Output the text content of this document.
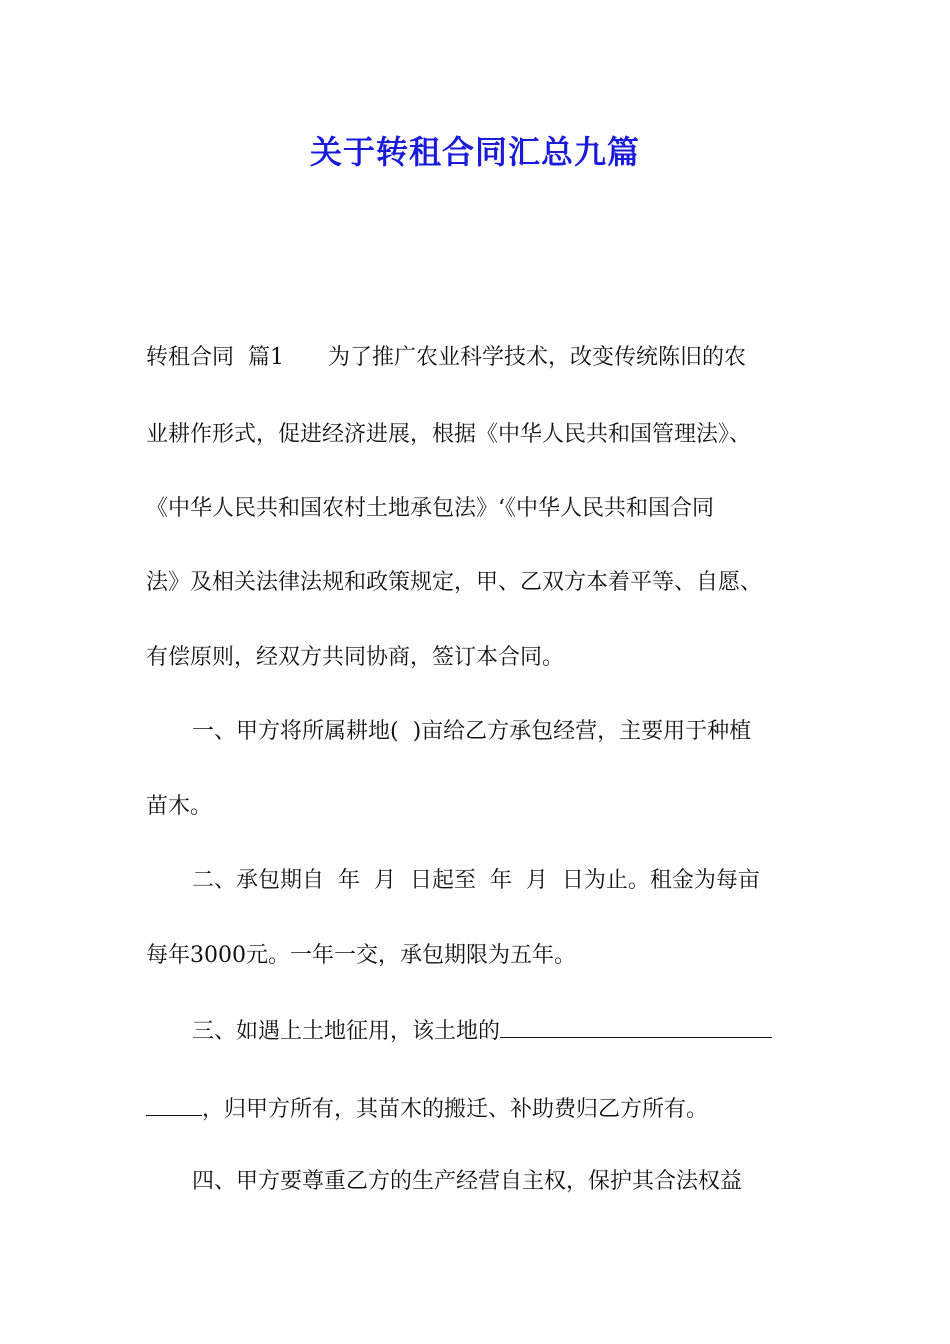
关于转租合同汇总九篇
转租合同  篇1 为了推广农业科学技术，改变传统陈旧的农
业耕作形式，促进经济进展，根据《中华人民共和国管理法》、
《中华人民共和国农村土地承包法》‘《中华人民共和国合同
法》及相关法律法规和政策规定，甲、乙双方本着平等、自愿、
有偿原则，经双方共同协商，签订本合同。
一、甲方将所属耕地(  )亩给乙方承包经营，主要用于种植
苗木。
二、承包期自  年  月  日起至  年  月  日为止。租金为每亩
每年3000元。一年一交，承包期限为五年。
三、如遇上土地征用，该土地的
，归甲方所有，其苗木的搬迁、补助费归乙方所有。
四、甲方要尊重乙方的生产经营自主权，保护其合法权益
